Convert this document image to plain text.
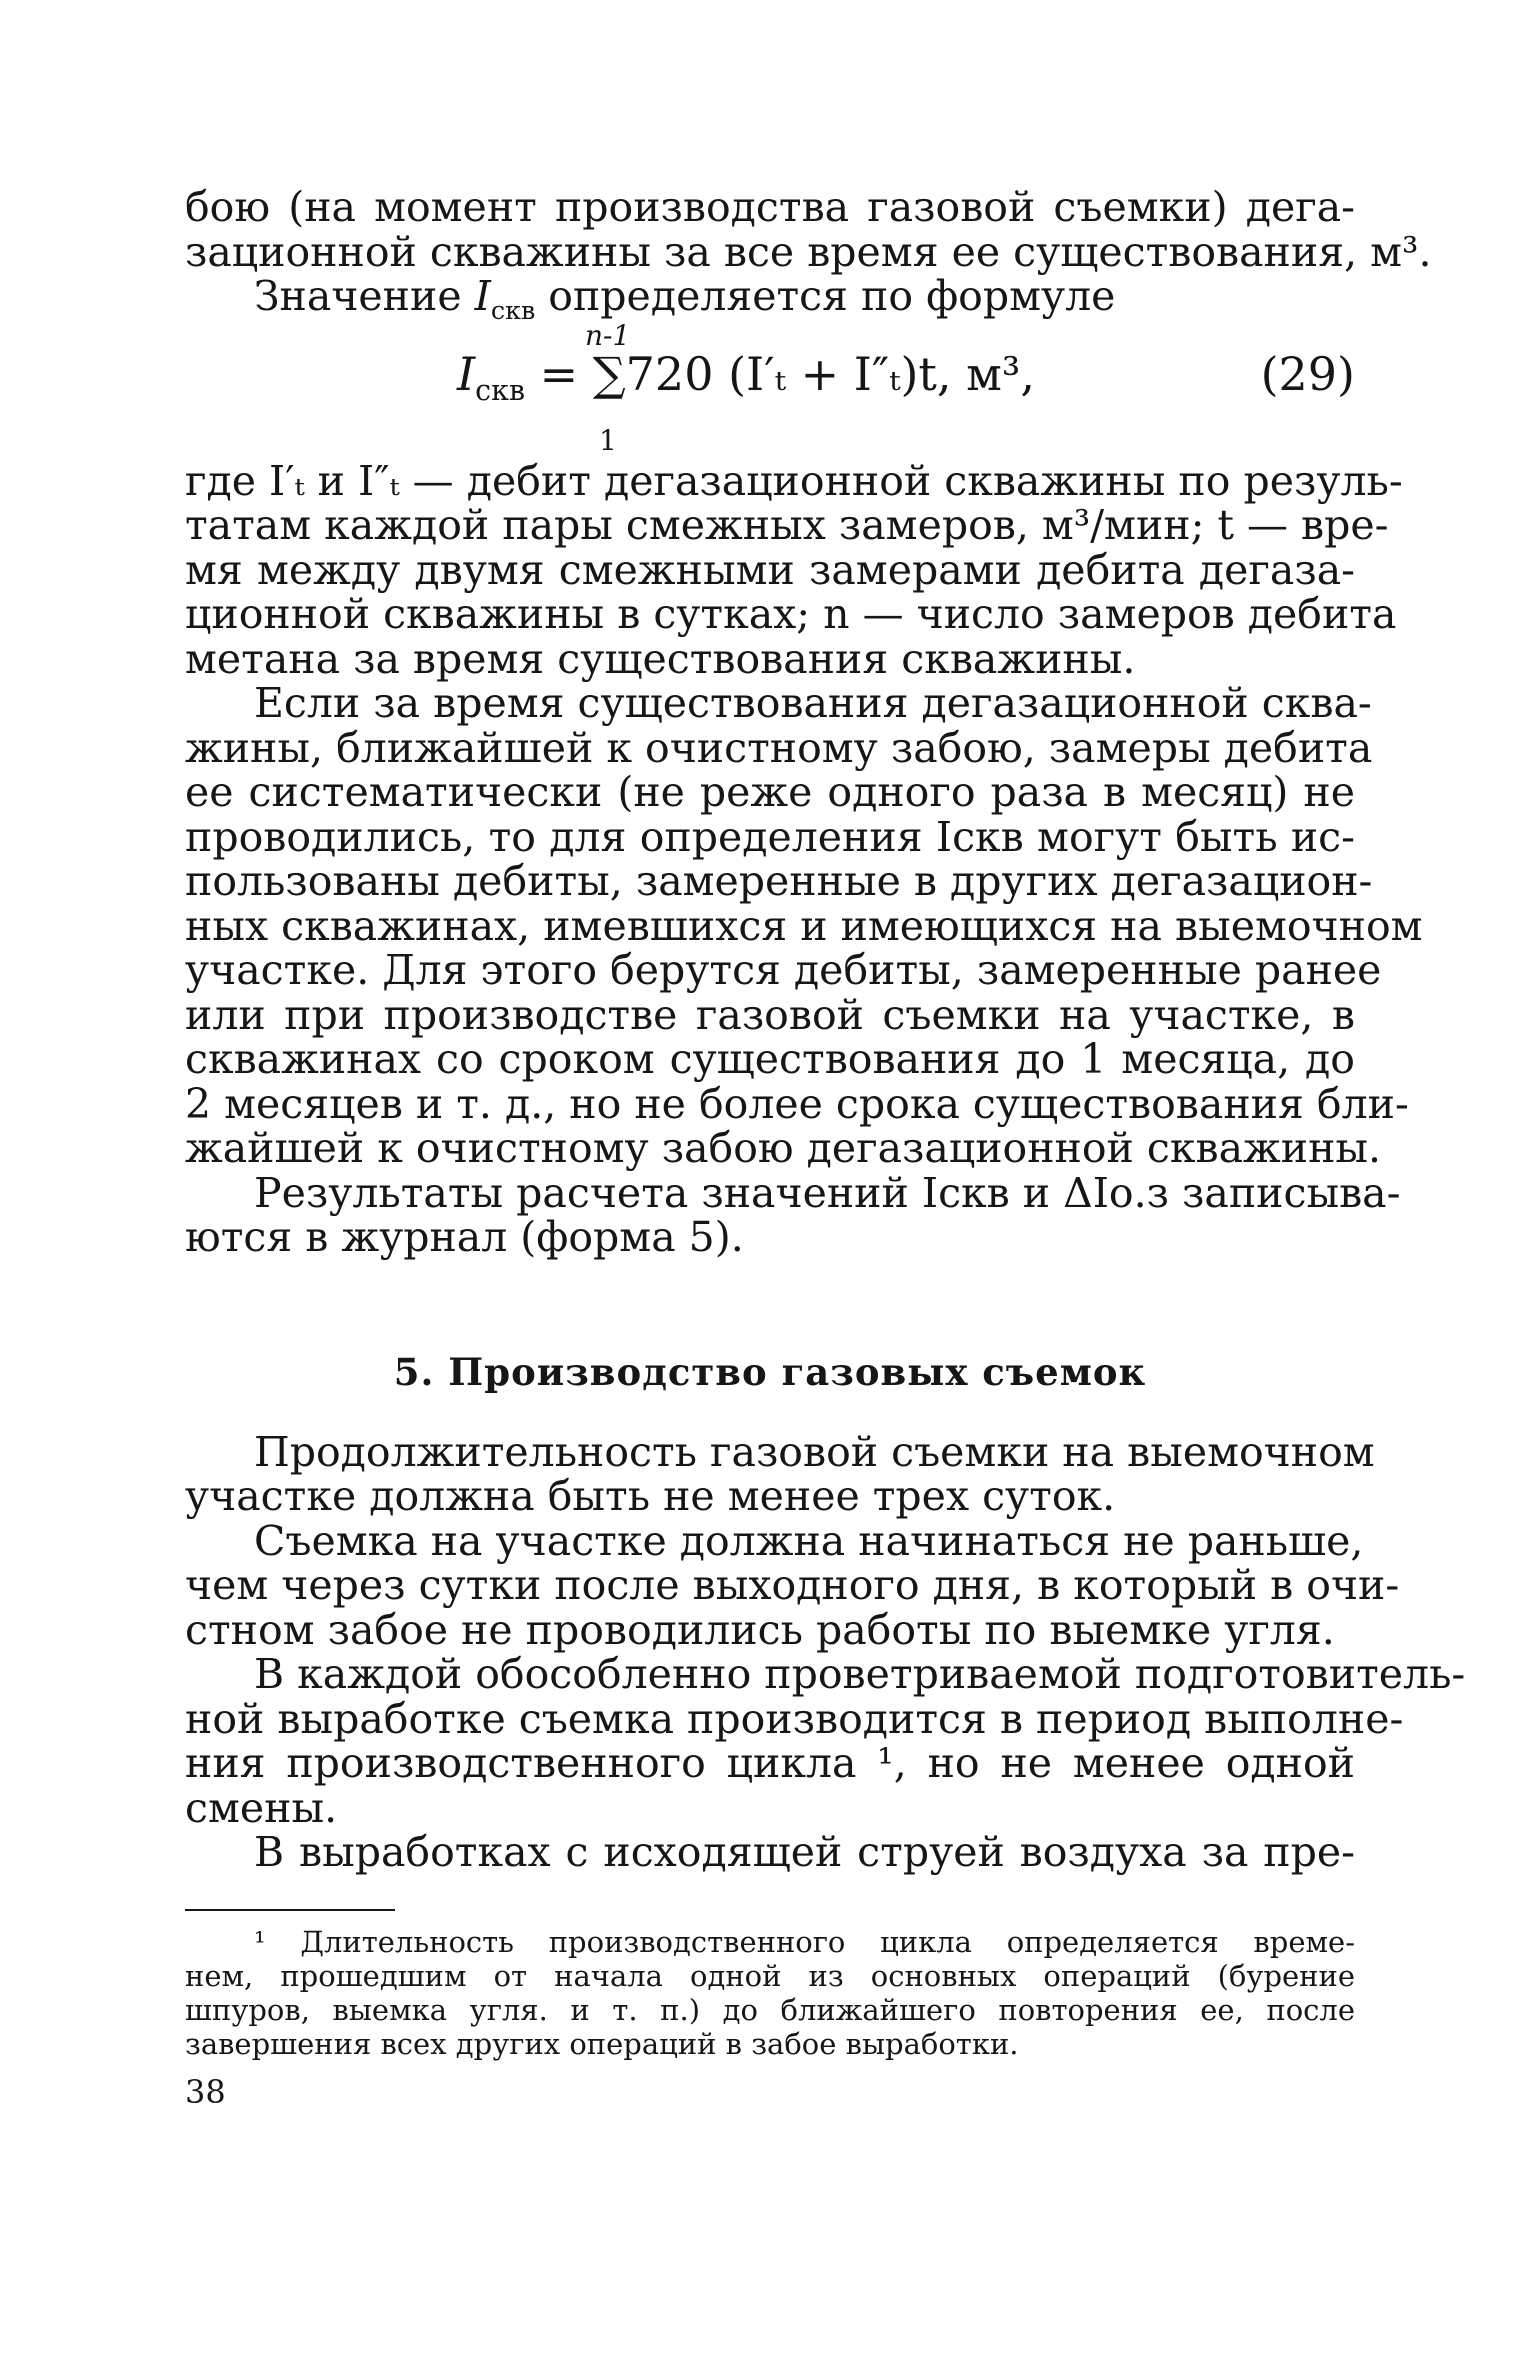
бою (на момент производства газовой съемки) дега-
зационной скважины за все время ее существования, м³.
Значение $I_{скв}$ определяется по формуле
n-1
$I_{скв} = \sum 720$ (I′ₜ + I″ₜ)t, м³,
1
(29)
где I′ₜ и I″ₜ — дебит дегазационной скважины по резуль-
татам каждой пары смежных замеров, м³/мин; t — вре-
мя между двумя смежными замерами дебита дегаза-
ционной скважины в сутках; n — число замеров дебита
метана за время существования скважины.
Если за время существования дегазационной сква-
жины, ближайшей к очистному забою, замеры дебита
ее систематически (не реже одного раза в месяц) не
проводились, то для определения Iскв могут быть ис-
пользованы дебиты, замеренные в других дегазацион-
ных скважинах, имевшихся и имеющихся на выемочном
участке. Для этого берутся дебиты, замеренные ранее
или при производстве газовой съемки на участке, в
скважинах со сроком существования до 1 месяца, до
2 месяцев и т. д., но не более срока существования бли-
жайшей к очистному забою дегазационной скважины.
Результаты расчета значений Iскв и ΔIо.з записыва-
ются в журнал (форма 5).
5. Производство газовых съемок
Продолжительность газовой съемки на выемочном
участке должна быть не менее трех суток.
Съемка на участке должна начинаться не раньше,
чем через сутки после выходного дня, в который в очи-
стном забое не проводились работы по выемке угля.
В каждой обособленно проветриваемой подготовитель-
ной выработке съемка производится в период выполне-
ния производственного цикла ¹, но не менее одной
смены.
В выработках с исходящей струей воздуха за пре-
¹ Длительность производственного цикла определяется време-
нем, прошедшим от начала одной из основных операций (бурение
шпуров, выемка угля. и т. п.) до ближайшего повторения ее, после
завершения всех других операций в забое выработки.
38
